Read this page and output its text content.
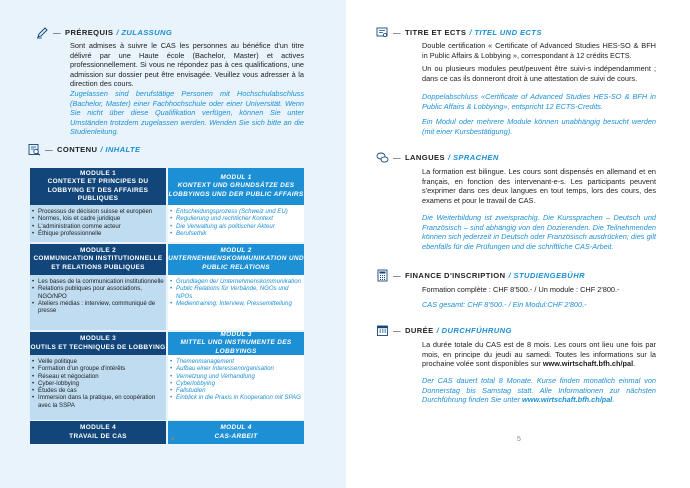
— PRÉREQUIS / ZULASSUNG
Sont admises à suivre le CAS les personnes au bénéfice d'un titre délivré par une Haute école (Bachelor, Master) et actives professionnellement. Si vous ne répondez pas à ces qualifications, une admission sur dossier peut être envisagée. Veuillez vous adresser à la direction des cours.
Zugelassen sind berufstätige Personen mit Hochschulabschluss (Bachelor, Master) einer Fachhochschule oder einer Universität. Wenn Sie nicht über diese Qualifikation verfügen, können Sie unter Umständen trotzdem zugelassen werden. Wenden Sie sich bitte an die Studienleitung.
— CONTENU / INHALTE
MODULE 1
CONTEXTE ET PRINCIPES DU LOBBYING ET DES AFFAIRES PUBLIQUES
MODUL 1
KONTEXT UND GRUNDSÄTZE DES LOBBYINGS UND DER PUBLIC AFFAIRS
• Processus de décision suisse et européen
• Normes, lois et cadre juridique
• L'administration comme acteur
• Éthique professionnelle
• Entscheidungsprozess (Schweiz und EU)
• Regulierung und rechtlicher Kontext
• Die Verwaltung als politischer Akteur
• Berufsethik
MODULE 2
COMMUNICATION INSTITUTIONNELLE ET RELATIONS PUBLIQUES
MODUL 2
UNTERNEHMENSKOMMUNIKATION UND PUBLIC RELATIONS
• Les bases de la communication institutionnelle
• Relations publiques pour associations, NGO/NPO
• Ateliers médias : interview, communiqué de presse
• Grundlagen der Unternehmenskommunikation
• Public Relations für Verbände, NGOs und NPOs
• Medientraining: Interview, Pressemitteilung
MODULE 3
OUTILS ET TECHNIQUES DE LOBBYING
MODUL 3
MITTEL UND INSTRUMENTE DES LOBBYINGS
• Veille politique
• Formation d'un groupe d'intérêts
• Réseau et négociation
• Cyber-lobbying
• Études de cas
• Immersion dans la pratique, en coopération avec la SSPA
• Themenmanagement
• Aufbau einer Interessenorganisation
• Vernetzung und Verhandlung
• Cyberlobbying
• Fallstudien
• Einblick in die Praxis in Kooperation mit SPAG
MODULE 4
TRAVAIL DE CAS
MODUL 4
CAS-ARBEIT
4
— TITRE ET ECTS / TITEL UND ECTS
Double certification « Certificate of Advanced Studies HES-SO & BFH in Public Affairs & Lobbying », correspondant à 12 crédits ECTS.
Un ou plusieurs modules peut/peuvent être suivi-s indépendamment ; dans ce cas ils donneront droit à une attestation de suivi de cours.
Doppelabschluss «Certificate of Advanced Studies HES-SO & BFH in Public Affairs & Lobbying», entspricht 12 ECTS-Credits.
Ein Modul oder mehrere Module können unabhängig besucht werden (mit einer Kursbestätigung).
— LANGUES / SPRACHEN
La formation est bilingue. Les cours sont dispensés en allemand et en français, en fonction des intervenant-e-s. Les participants peuvent s'exprimer dans ces deux langues en tout temps, lors des cours, des examens et pour le travail de CAS.
Die Weiterbildung ist zweisprachig. Die Kurssprachen – Deutsch und Französisch – sind abhängig von den Dozierenden. Die Teilnehmenden können sich jederzeit in Deutsch oder Französisch ausdrücken; dies gilt ebenfalls für die Prüfungen und die schriftliche CAS-Arbeit.
— FINANCE D'INSCRIPTION / STUDIENGEBÜHR
Formation complète : CHF 8'500.- / Un module : CHF 2'800.-
CAS gesamt: CHF 8'500.- / Ein Modul:CHF 2'800.-
— DURÉE / DURCHFÜHRUNG
La durée totale du CAS est de 8 mois. Les cours ont lieu une fois par mois, en principe du jeudi au samedi. Toutes les informations sur la prochaine volée sont disponibles sur www.wirtschaft.bfh.ch/pal.
Der CAS dauert total 8 Monate. Kurse finden monatlich einmal von Donnerstag bis Samstag statt. Alle Informationen zur nächsten Durchführung finden Sie unter www.wirtschaft.bfh.ch/pal.
5
